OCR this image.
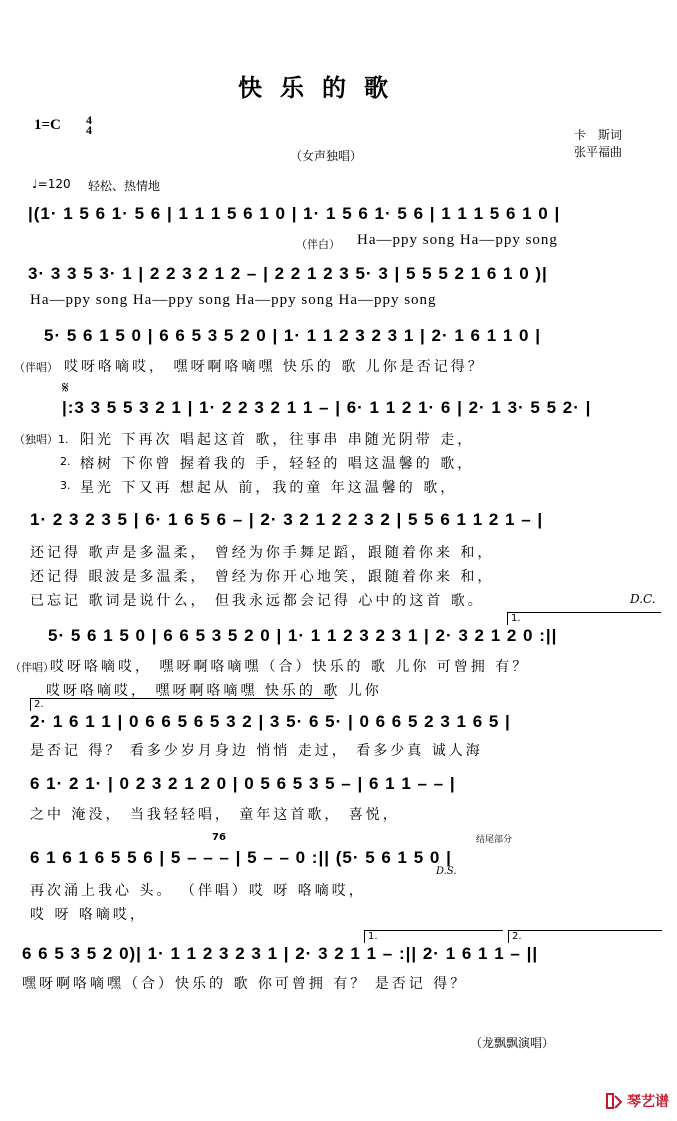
快乐的歌
1=C 4
4
（女声独唱）
卡　斯词
张平福曲
♩=120 轻松、热情地
|(1· 1 5 6 1· 5 6 | 1 1 1 5 6 1 0 | 1· 1 5 6 1· 5 6 | 1 1 1 5 6 1 0 |
（伴白） Ha—ppy song Ha—ppy song
3· 3 3 5 3· 1 | 2 2 3 2 1 2 – | 2 2 1 2 3 5· 3 | 5 5 5 2 1 6 1 0 )|
Ha—ppy song Ha—ppy song Ha—ppy song Ha—ppy song
5· 5 6 1 5 0 | 6 6 5 3 5 2 0 | 1· 1 1 2 3 2 3 1 | 2· 1 6 1 1 0 |
（伴唱） 哎呀咯嘀哎， 嘿呀啊咯嘀嘿 快乐的 歌 儿你是否记得？
𝄋
|:3 3 5 5 3 2 1 | 1· 2 2 3 2 1 1 – | 6· 1 1 2 1· 6 | 2· 1 3· 5 5 2· |
（独唱）1. 阳光 下再次 唱起这首 歌，往事串 串随光阴带 走，
2. 榕树 下你曾 握着我的 手，轻轻的 唱这温馨的 歌，
3. 星光 下又再 想起从 前，我的童 年这温馨的 歌，
1· 2 3 2 3 5 | 6· 1 6 5 6 – | 2· 3 2 1 2 2 3 2 | 5 5 6 1 1 2 1 – |
还记得 歌声是多温柔， 曾经为你手舞足蹈，跟随着你来 和，
还记得 眼波是多温柔， 曾经为你开心地笑，跟随着你来 和，
已忘记 歌词是说什么， 但我永远都会记得 心中的这首 歌。	D.C.
1.
5· 5 6 1 5 0 | 6 6 5 3 5 2 0 | 1· 1 1 2 3 2 3 1 | 2· 3 2 1 2 0 :||
（伴唱）
哎呀咯嘀哎， 嘿呀啊咯嘀嘿（合）快乐的 歌 儿你 可曾拥 有？
哎呀咯嘀哎， 嘿呀啊咯嘀嘿 快乐的 歌 儿你
2.
2· 1 6 1 1 | 0 6 6 5 6 5 3 2 | 3 5· 6 5· | 0 6 6 5 2 3 1 6 5 |
是否记 得？ 看多少岁月身边 悄悄 走过， 看多少真 诚人海
6 1· 2 1· | 0 2 3 2 1 2 0 | 0 5 6 5 3 5 – | 6 1 1 – – |
之中 淹没， 当我轻轻唱， 童年这首歌， 喜悦，
76	结尾部分
6 1 6 1 6 5 5 6 | 5 – – – | 5 – – 0 :|| (5· 5 6 1 5 0 |
D.S.
再次涌上我心 头。 （伴唱）哎 呀 咯嘀哎，
哎 呀 咯嘀哎，
1.	2.
6 6 5 3 5 2 0)| 1· 1 1 2 3 2 3 1 | 2· 3 2 1 1 – :|| 2· 1 6 1 1 – ||
嘿呀啊咯嘀嘿（合）快乐的 歌 你可曾拥 有？ 是否记 得？
（龙飘飘演唱）
琴艺谱
